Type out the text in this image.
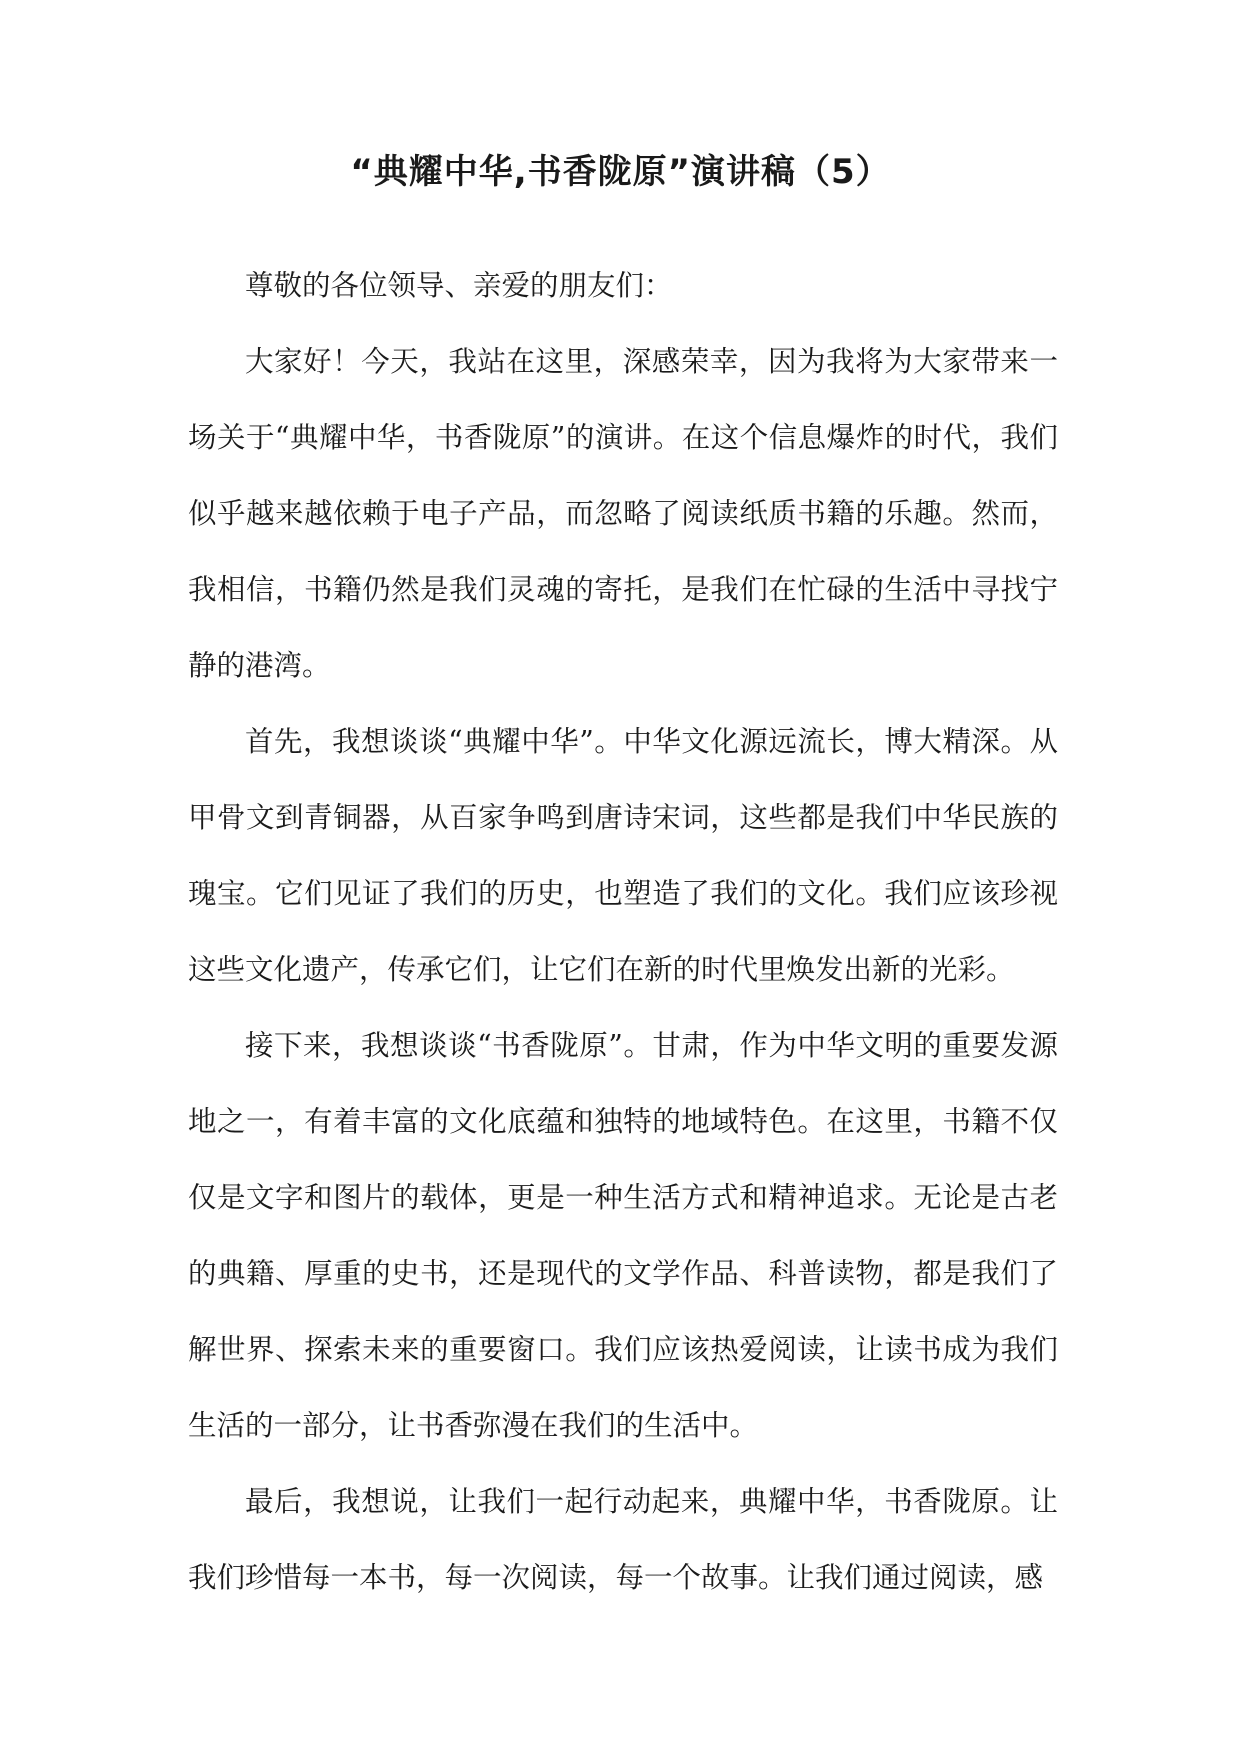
“典耀中华,书香陇原”演讲稿（5）

尊敬的各位领导、亲爱的朋友们：

大家好！今天，我站在这里，深感荣幸，因为我将为大家带来一场关于“典耀中华，书香陇原”的演讲。在这个信息爆炸的时代，我们似乎越来越依赖于电子产品，而忽略了阅读纸质书籍的乐趣。然而，我相信，书籍仍然是我们灵魂的寄托，是我们在忙碌的生活中寻找宁静的港湾。

首先，我想谈谈“典耀中华”。中华文化源远流长，博大精深。从甲骨文到青铜器，从百家争鸣到唐诗宋词，这些都是我们中华民族的瑰宝。它们见证了我们的历史，也塑造了我们的文化。我们应该珍视这些文化遗产，传承它们，让它们在新的时代里焕发出新的光彩。

接下来，我想谈谈“书香陇原”。甘肃，作为中华文明的重要发源地之一，有着丰富的文化底蕴和独特的地域特色。在这里，书籍不仅仅是文字和图片的载体，更是一种生活方式和精神追求。无论是古老的典籍、厚重的史书，还是现代的文学作品、科普读物，都是我们了解世界、探索未来的重要窗口。我们应该热爱阅读，让读书成为我们生活的一部分，让书香弥漫在我们的生活中。

最后，我想说，让我们一起行动起来，典耀中华，书香陇原。让我们珍惜每一本书，每一次阅读，每一个故事。让我们通过阅读，感
